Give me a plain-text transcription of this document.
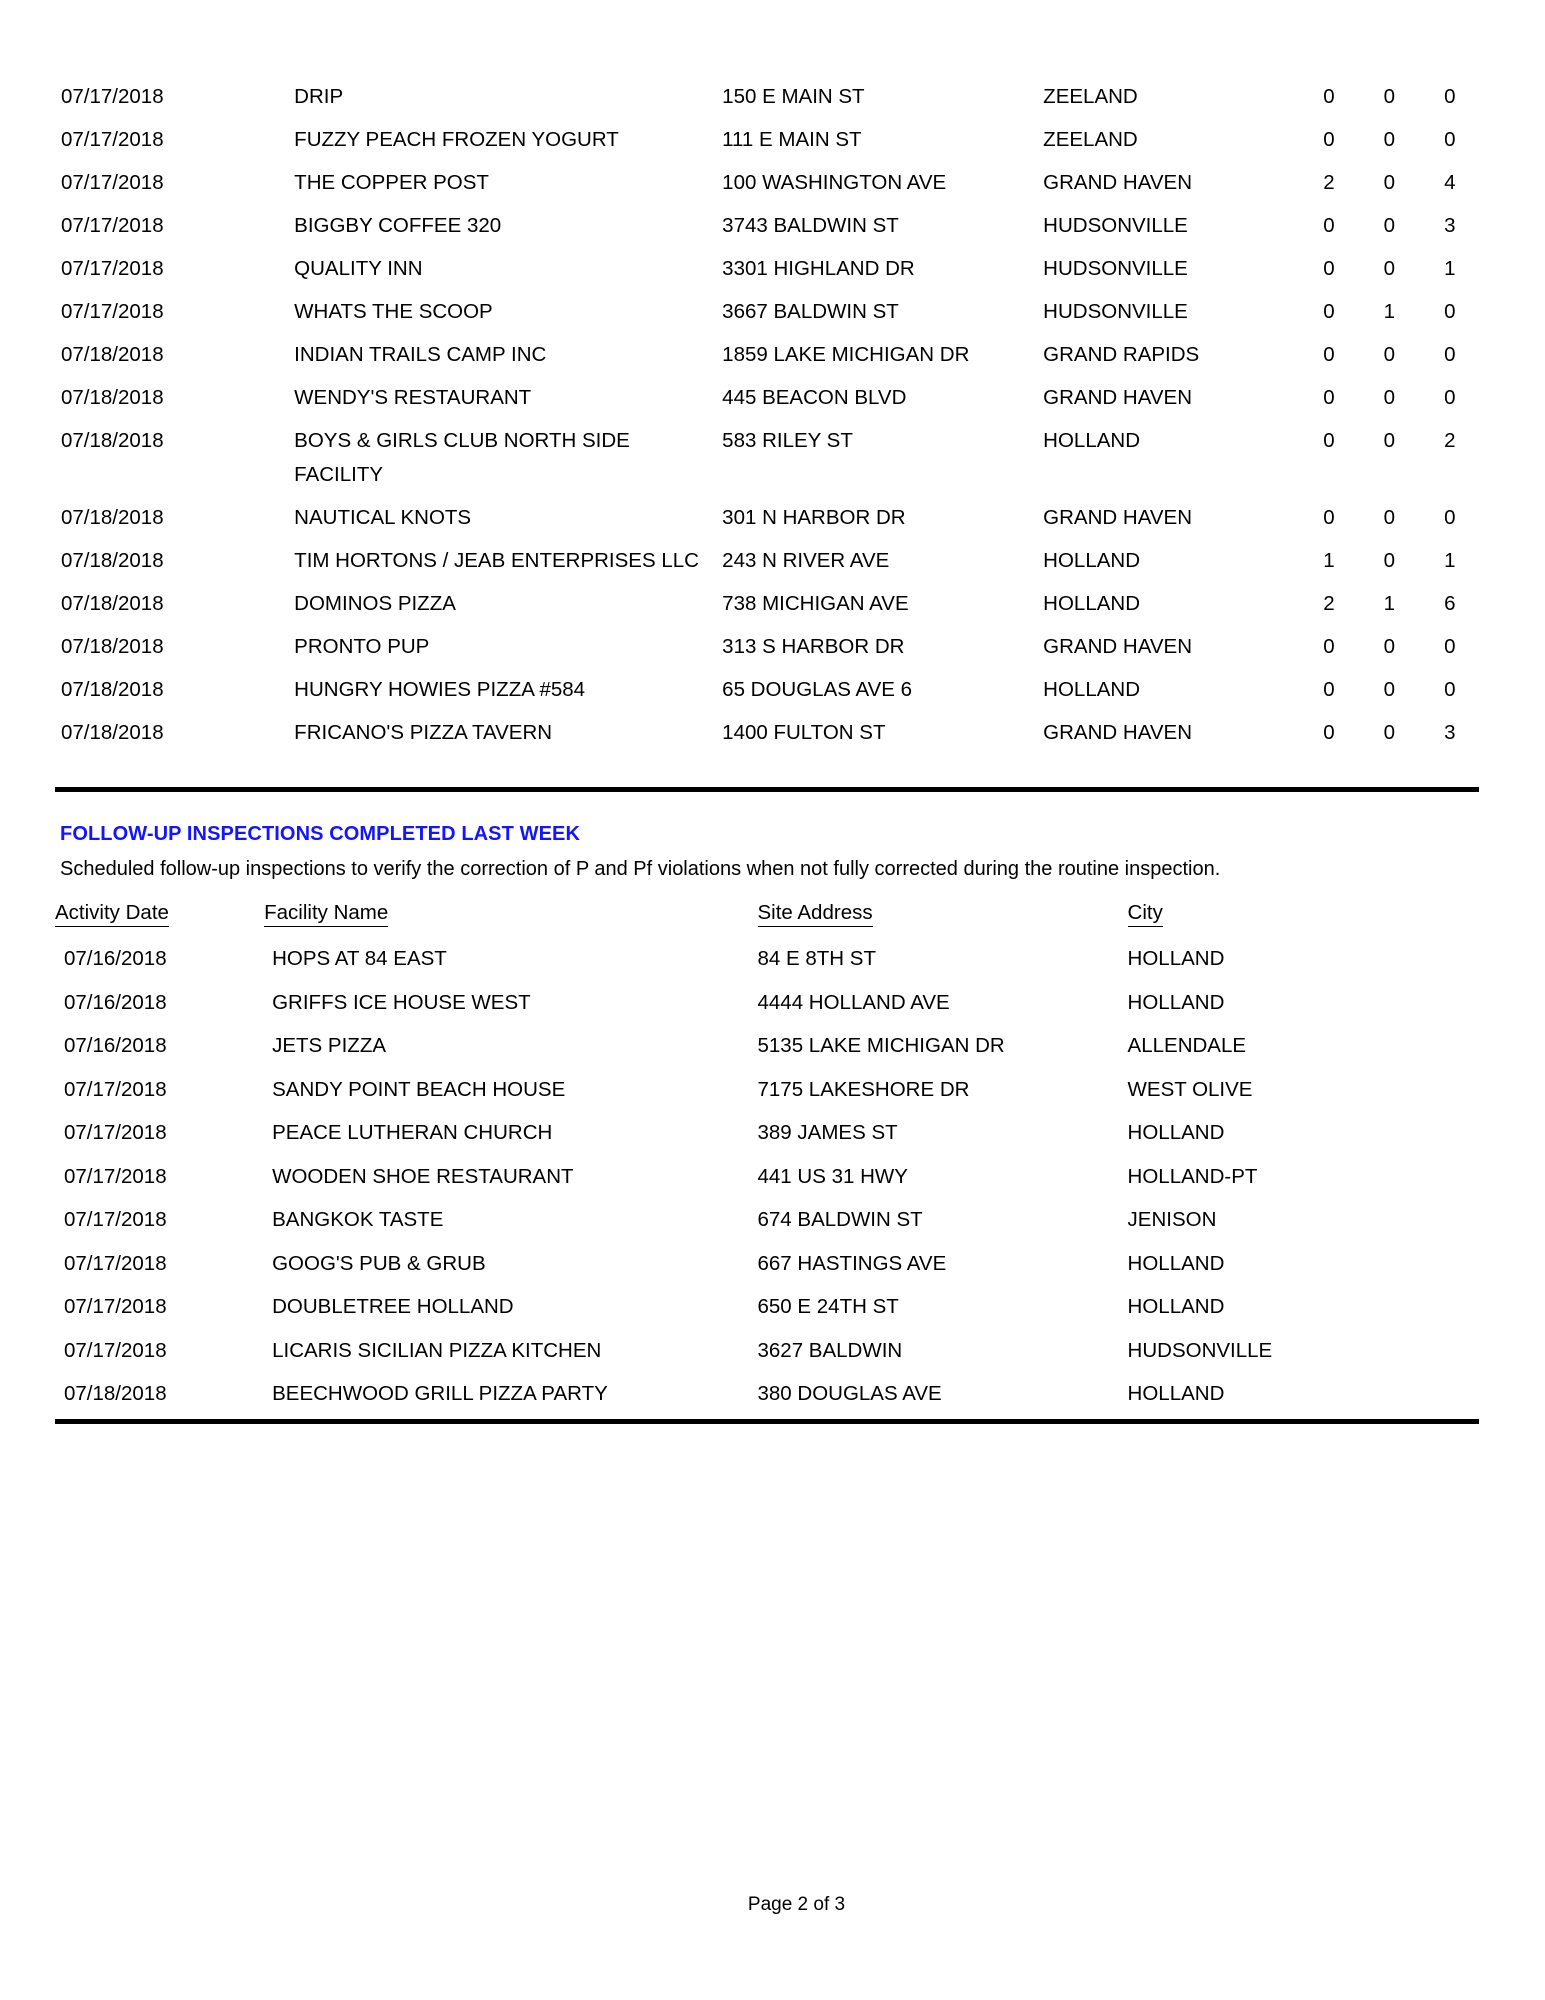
07/17/2018	DRIP	150 E MAIN ST	ZEELAND		0	0	0
07/17/2018	FUZZY PEACH FROZEN YOGURT	111 E MAIN ST	ZEELAND		0	0	0
07/17/2018	THE COPPER POST	100 WASHINGTON AVE	GRAND HAVEN		2	0	4
07/17/2018	BIGGBY COFFEE 320	3743 BALDWIN ST	HUDSONVILLE		0	0	3
07/17/2018	QUALITY INN	3301 HIGHLAND DR	HUDSONVILLE		0	0	1
07/17/2018	WHATS THE SCOOP	3667 BALDWIN ST	HUDSONVILLE		0	1	0
07/18/2018	INDIAN TRAILS CAMP INC	1859 LAKE MICHIGAN DR	GRAND RAPIDS		0	0	0
07/18/2018	WENDY'S RESTAURANT	445 BEACON BLVD	GRAND HAVEN		0	0	0
07/18/2018	BOYS & GIRLS CLUB NORTH SIDE FACILITY	583 RILEY ST	HOLLAND		0	0	2
07/18/2018	NAUTICAL KNOTS	301 N HARBOR DR	GRAND HAVEN		0	0	0
07/18/2018	TIM HORTONS / JEAB ENTERPRISES LLC	243 N RIVER AVE	HOLLAND		1	0	1
07/18/2018	DOMINOS PIZZA	738 MICHIGAN AVE	HOLLAND		2	1	6
07/18/2018	PRONTO PUP	313 S HARBOR DR	GRAND HAVEN		0	0	0
07/18/2018	HUNGRY HOWIES PIZZA #584	65 DOUGLAS AVE 6	HOLLAND		0	0	0
07/18/2018	FRICANO'S PIZZA TAVERN	1400 FULTON ST	GRAND HAVEN		0	0	3
FOLLOW-UP INSPECTIONS COMPLETED LAST WEEK
Scheduled follow-up inspections to verify the correction of P and Pf violations when not fully corrected during the routine inspection.
Activity Date	Facility Name	Site Address	City
07/16/2018	HOPS AT 84 EAST	84 E 8TH ST	HOLLAND
07/16/2018	GRIFFS ICE HOUSE WEST	4444 HOLLAND AVE	HOLLAND
07/16/2018	JETS PIZZA	5135 LAKE MICHIGAN DR	ALLENDALE
07/17/2018	SANDY POINT BEACH HOUSE	7175 LAKESHORE DR	WEST OLIVE
07/17/2018	PEACE LUTHERAN CHURCH	389 JAMES ST	HOLLAND
07/17/2018	WOODEN SHOE RESTAURANT	441 US 31 HWY	HOLLAND-PT
07/17/2018	BANGKOK TASTE	674 BALDWIN ST	JENISON
07/17/2018	GOOG'S PUB & GRUB	667 HASTINGS AVE	HOLLAND
07/17/2018	DOUBLETREE HOLLAND	650 E 24TH ST	HOLLAND
07/17/2018	LICARIS SICILIAN PIZZA KITCHEN	3627 BALDWIN	HUDSONVILLE
07/18/2018	BEECHWOOD GRILL PIZZA PARTY	380 DOUGLAS AVE	HOLLAND
Page 2 of 3
